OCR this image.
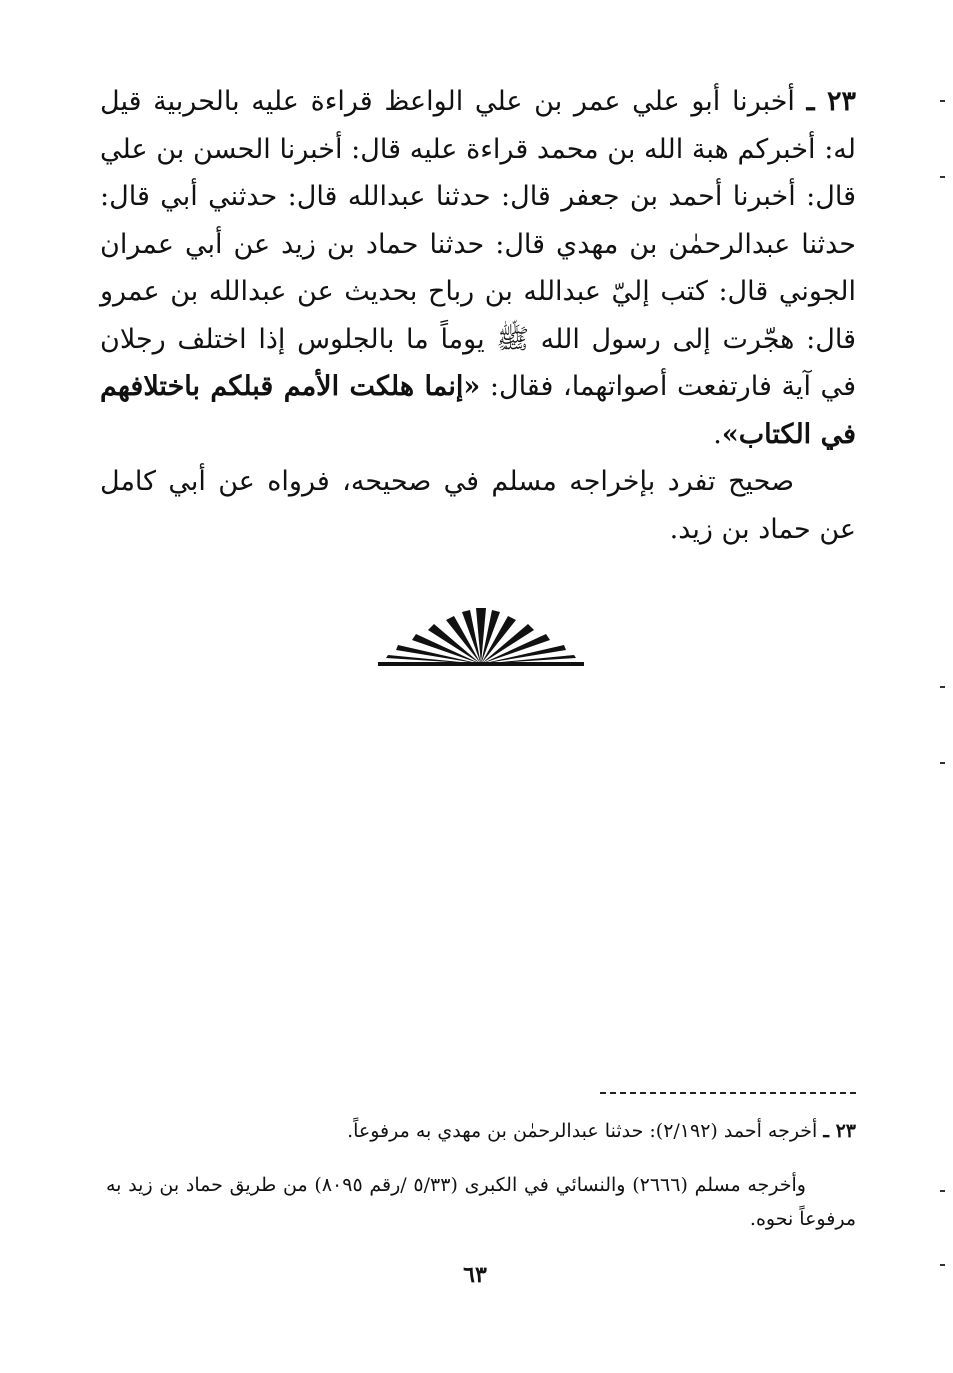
٢٣ ـ أخبرنا أبو علي عمر بن علي الواعظ قراءة عليه بالحربية قيل له: أخبركم هبة الله بن محمد قراءة عليه قال: أخبرنا الحسن بن علي قال: أخبرنا أحمد بن جعفر قال: حدثنا عبدالله قال: حدثني أبي قال: حدثنا عبدالرحمٰن بن مهدي قال: حدثنا حماد بن زيد عن أبي عمران الجوني قال: كتب إليّ عبدالله بن رباح بحديث عن عبدالله بن عمرو قال: هجّرت إلى رسول الله ﷺ يوماً ما بالجلوس إذا اختلف رجلان في آية فارتفعت أصواتهما، فقال: «إنما هلكت الأمم قبلكم باختلافهم في الكتاب».
صحيح تفرد بإخراجه مسلم في صحيحه، فرواه عن أبي كامل عن حماد بن زيد.
٢٣ ـ أخرجه أحمد (٢/١٩٢): حدثنا عبدالرحمٰن بن مهدي به مرفوعاً.
وأخرجه مسلم (٢٦٦٦) والنسائي في الكبرى (٥/٣٣ /رقم ٨٠٩٥) من طريق حماد بن زيد به مرفوعاً نحوه.
٦٣
